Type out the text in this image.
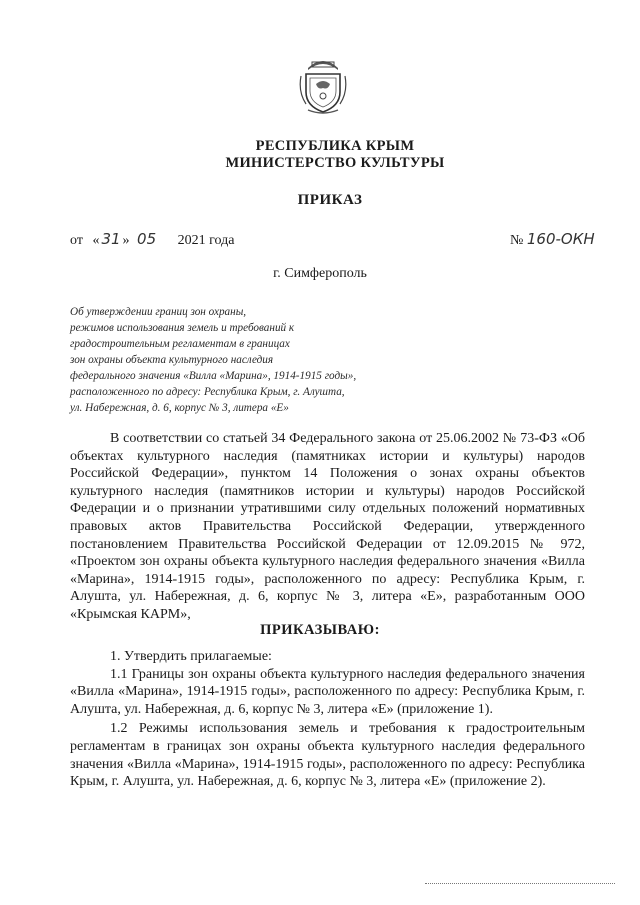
РЕСПУБЛИКА КРЫМ
МИНИСТЕРСТВО КУЛЬТУРЫ
ПРИКАЗ
от « 31 » 05 2021 года	№ 160-ОКН
г. Симферополь
Об утверждении границ зон охраны,
режимов использования земель и требований к
градостроительным регламентам в границах
зон охраны объекта культурного наследия
федерального значения «Вилла «Марина», 1914-1915 годы»,
расположенного по адресу: Республика Крым, г. Алушта,
ул. Набережная, д. 6, корпус № 3, литера «Е»
В соответствии со статьей 34 Федерального закона от 25.06.2002 № 73-ФЗ «Об объектах культурного наследия (памятниках истории и культуры) народов Российской Федерации», пунктом 14 Положения о зонах охраны объектов культурного наследия (памятников истории и культуры) народов Российской Федерации и о признании утратившими силу отдельных положений нормативных правовых актов Правительства Российской Федерации, утвержденного постановлением Правительства Российской Федерации от 12.09.2015 № 972, «Проектом зон охраны объекта культурного наследия федерального значения «Вилла «Марина», 1914-1915 годы», расположенного по адресу: Республика Крым, г. Алушта, ул. Набережная, д. 6, корпус № 3, литера «Е», разработанным ООО «Крымская КАРМ»,
ПРИКАЗЫВАЮ:

1. Утвердить прилагаемые:

1.1 Границы зон охраны объекта культурного наследия федерального значения «Вилла «Марина», 1914-1915 годы», расположенного по адресу: Республика Крым, г. Алушта, ул. Набережная, д. 6, корпус № 3, литера «Е» (приложение 1).

1.2 Режимы использования земель и требования к градостроительным регламентам в границах зон охраны объекта культурного наследия федерального значения «Вилла «Марина», 1914-1915 годы», расположенного по адресу: Республика Крым, г. Алушта, ул. Набережная, д. 6, корпус № 3, литера «Е» (приложение 2).
